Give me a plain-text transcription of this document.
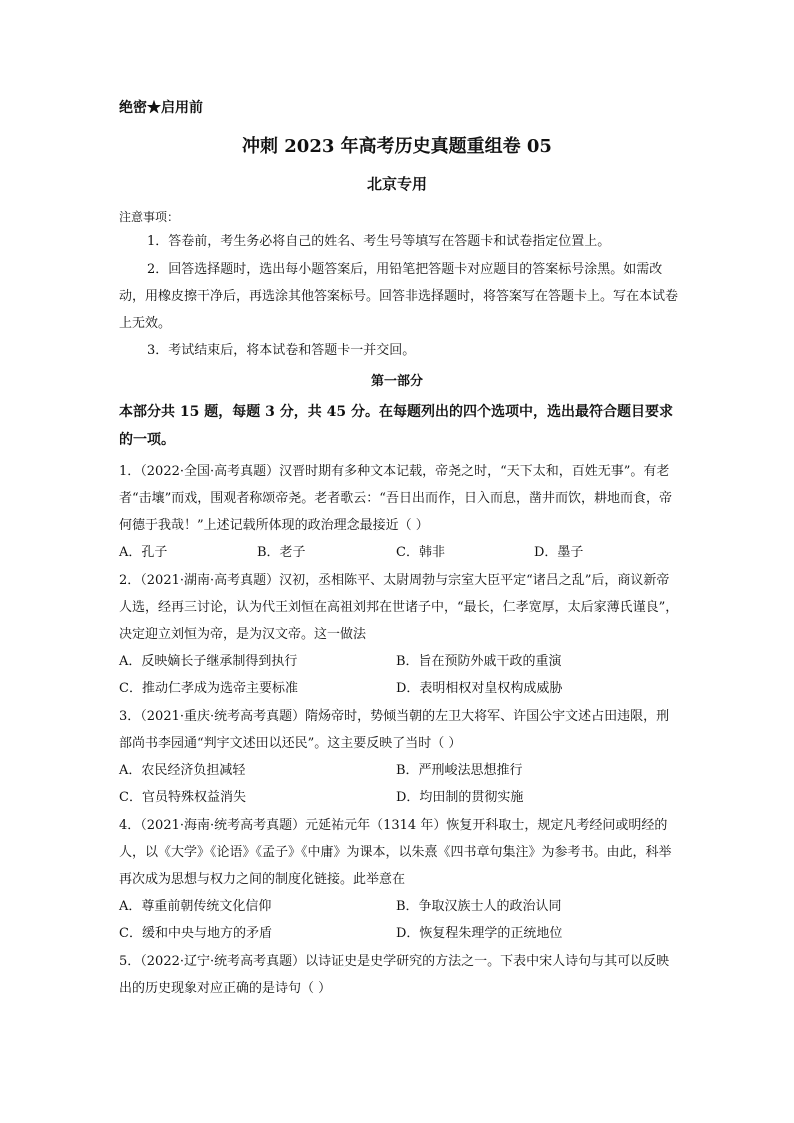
绝密★启用前
冲刺 2023 年高考历史真题重组卷 05
北京专用
注意事项：
1．答卷前，考生务必将自己的姓名、考生号等填写在答题卡和试卷指定位置上。
2．回答选择题时，选出每小题答案后，用铅笔把答题卡对应题目的答案标号涂黑。如需改动，用橡皮擦干净后，再选涂其他答案标号。回答非选择题时，将答案写在答题卡上。写在本试卷上无效。
3．考试结束后，将本试卷和答题卡一并交回。
第一部分
本部分共 15 题，每题 3 分，共 45 分。在每题列出的四个选项中，选出最符合题目要求的一项。
1．（2022·全国·高考真题）汉晋时期有多种文本记载，帝尧之时，“天下太和，百姓无事”。有老者“击壤”而戏，围观者称颂帝尧。老者歌云：“吾日出而作，日入而息，凿井而饮，耕地而食，帝何德于我哉！”上述记载所体现的政治理念最接近（ ）
A．孔子	B．老子	C．韩非	D．墨子
2．（2021·湖南·高考真题）汉初，丞相陈平、太尉周勃与宗室大臣平定“诸吕之乱”后，商议新帝人选，经再三讨论，认为代王刘恒在高祖刘邦在世诸子中，“最长，仁孝宽厚，太后家薄氏谨良”，决定迎立刘恒为帝，是为汉文帝。这一做法
A．反映嫡长子继承制得到执行	B．旨在预防外戚干政的重演
C．推动仁孝成为选帝主要标准	D．表明相权对皇权构成威胁
3．（2021·重庆·统考高考真题）隋炀帝时，势倾当朝的左卫大将军、许国公宇文述占田违限，刑部尚书李园通“判宇文述田以还民”。这主要反映了当时（ ）
A．农民经济负担减轻	B．严刑峻法思想推行
C．官员特殊权益消失	D．均田制的贯彻实施
4．（2021·海南·统考高考真题）元延祐元年（1314 年）恢复开科取士，规定凡考经问或明经的人，以《大学》《论语》《孟子》《中庸》为课本，以朱熹《四书章句集注》为参考书。由此，科举再次成为思想与权力之间的制度化链接。此举意在
A．尊重前朝传统文化信仰	B．争取汉族士人的政治认同
C．缓和中央与地方的矛盾	D．恢复程朱理学的正统地位
5．（2022·辽宁·统考高考真题）以诗证史是史学研究的方法之一。下表中宋人诗句与其可以反映出的历史现象对应正确的是诗句（ ）
